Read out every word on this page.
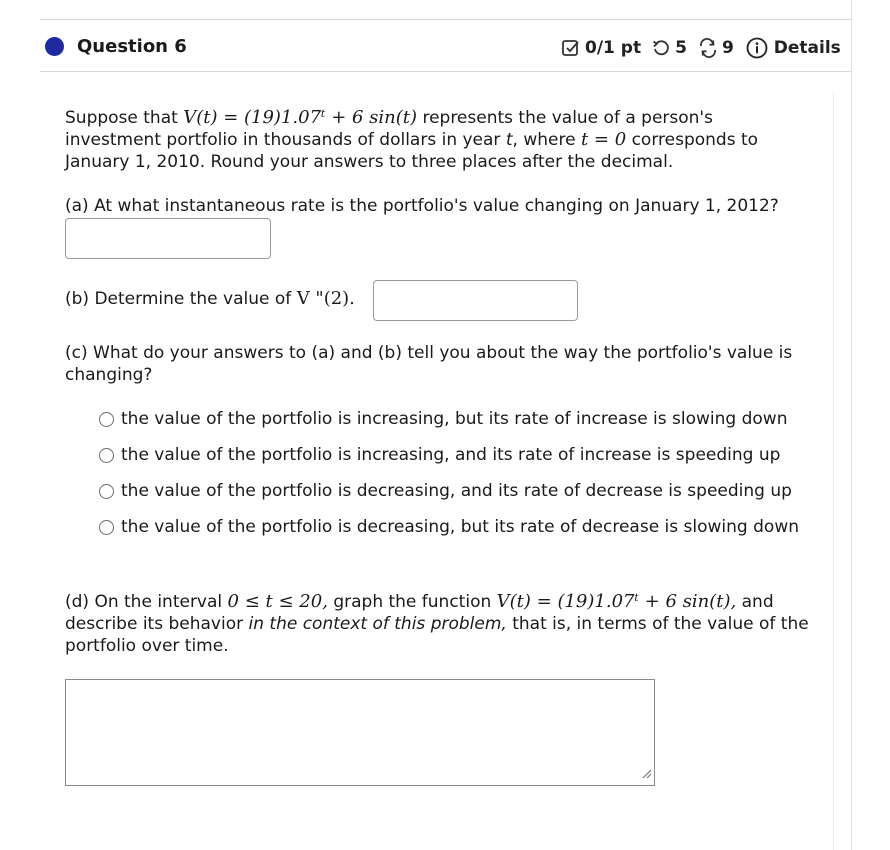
Question 6	0/1 pt 5 9 Details
Suppose that V(t) = (19)1.07ᵗ + 6 sin(t) represents the value of a person's
investment portfolio in thousands of dollars in year t, where t = 0 corresponds to
January 1, 2010. Round your answers to three places after the decimal.
(a) At what instantaneous rate is the portfolio's value changing on January 1, 2012?
(b) Determine the value of V "(2).
(c) What do your answers to (a) and (b) tell you about the way the portfolio's value is
changing?
the value of the portfolio is increasing, but its rate of increase is slowing down
the value of the portfolio is increasing, and its rate of increase is speeding up
the value of the portfolio is decreasing, and its rate of decrease is speeding up
the value of the portfolio is decreasing, but its rate of decrease is slowing down
(d) On the interval 0 ≤ t ≤ 20, graph the function V(t) = (19)1.07ᵗ + 6 sin(t), and
describe its behavior in the context of this problem, that is, in terms of the value of the
portfolio over time.
